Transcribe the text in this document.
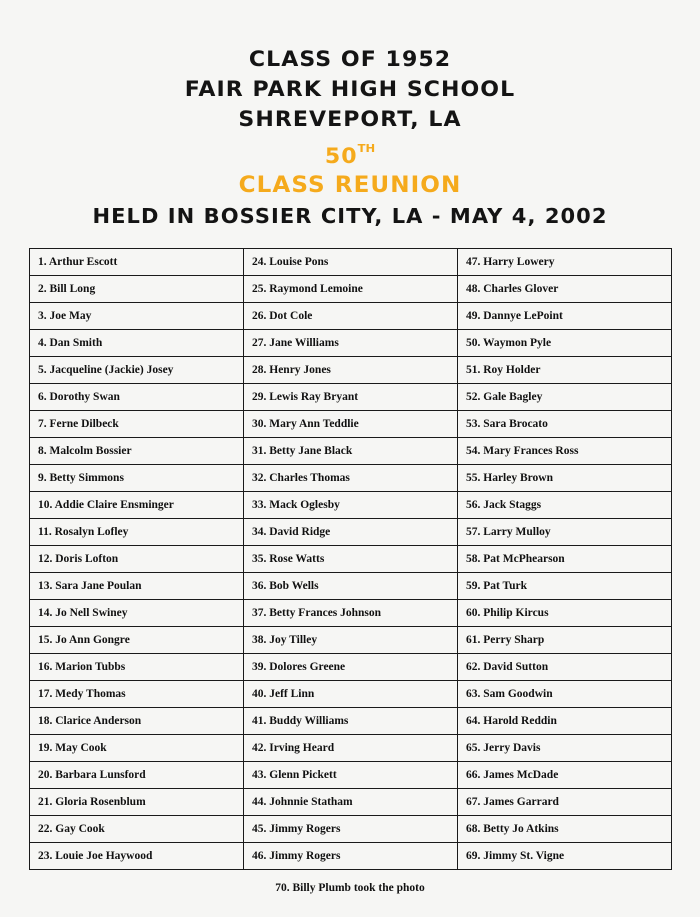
CLASS OF 1952
FAIR PARK HIGH SCHOOL
SHREVEPORT, LA
50TH
CLASS REUNION
HELD IN BOSSIER CITY, LA - MAY 4, 2002
1. Arthur Escott	24. Louise Pons	47. Harry Lowery
2. Bill Long	25. Raymond Lemoine	48. Charles Glover
3. Joe May	26. Dot Cole	49. Dannye LePoint
4. Dan Smith	27. Jane Williams	50. Waymon Pyle
5. Jacqueline (Jackie) Josey	28. Henry Jones	51. Roy Holder
6. Dorothy Swan	29. Lewis Ray Bryant	52. Gale Bagley
7. Ferne Dilbeck	30. Mary Ann Teddlie	53. Sara Brocato
8. Malcolm Bossier	31. Betty Jane Black	54. Mary Frances Ross
9. Betty Simmons	32. Charles Thomas	55. Harley Brown
10. Addie Claire Ensminger	33. Mack Oglesby	56. Jack Staggs
11. Rosalyn Lofley	34. David Ridge	57. Larry Mulloy
12. Doris Lofton	35. Rose Watts	58. Pat McPhearson
13. Sara Jane Poulan	36. Bob Wells	59. Pat Turk
14. Jo Nell Swiney	37. Betty Frances Johnson	60. Philip Kircus
15. Jo Ann Gongre	38. Joy Tilley	61. Perry Sharp
16. Marion Tubbs	39. Dolores Greene	62. David Sutton
17. Medy Thomas	40. Jeff Linn	63. Sam Goodwin
18. Clarice Anderson	41. Buddy Williams	64. Harold Reddin
19. May Cook	42. Irving Heard	65. Jerry Davis
20. Barbara Lunsford	43. Glenn Pickett	66. James McDade
21. Gloria Rosenblum	44. Johnnie Statham	67. James Garrard
22. Gay Cook	45. Jimmy Rogers	68. Betty Jo Atkins
23. Louie Joe Haywood	46. Jimmy Rogers	69. Jimmy St. Vigne
70. Billy Plumb took the photo
